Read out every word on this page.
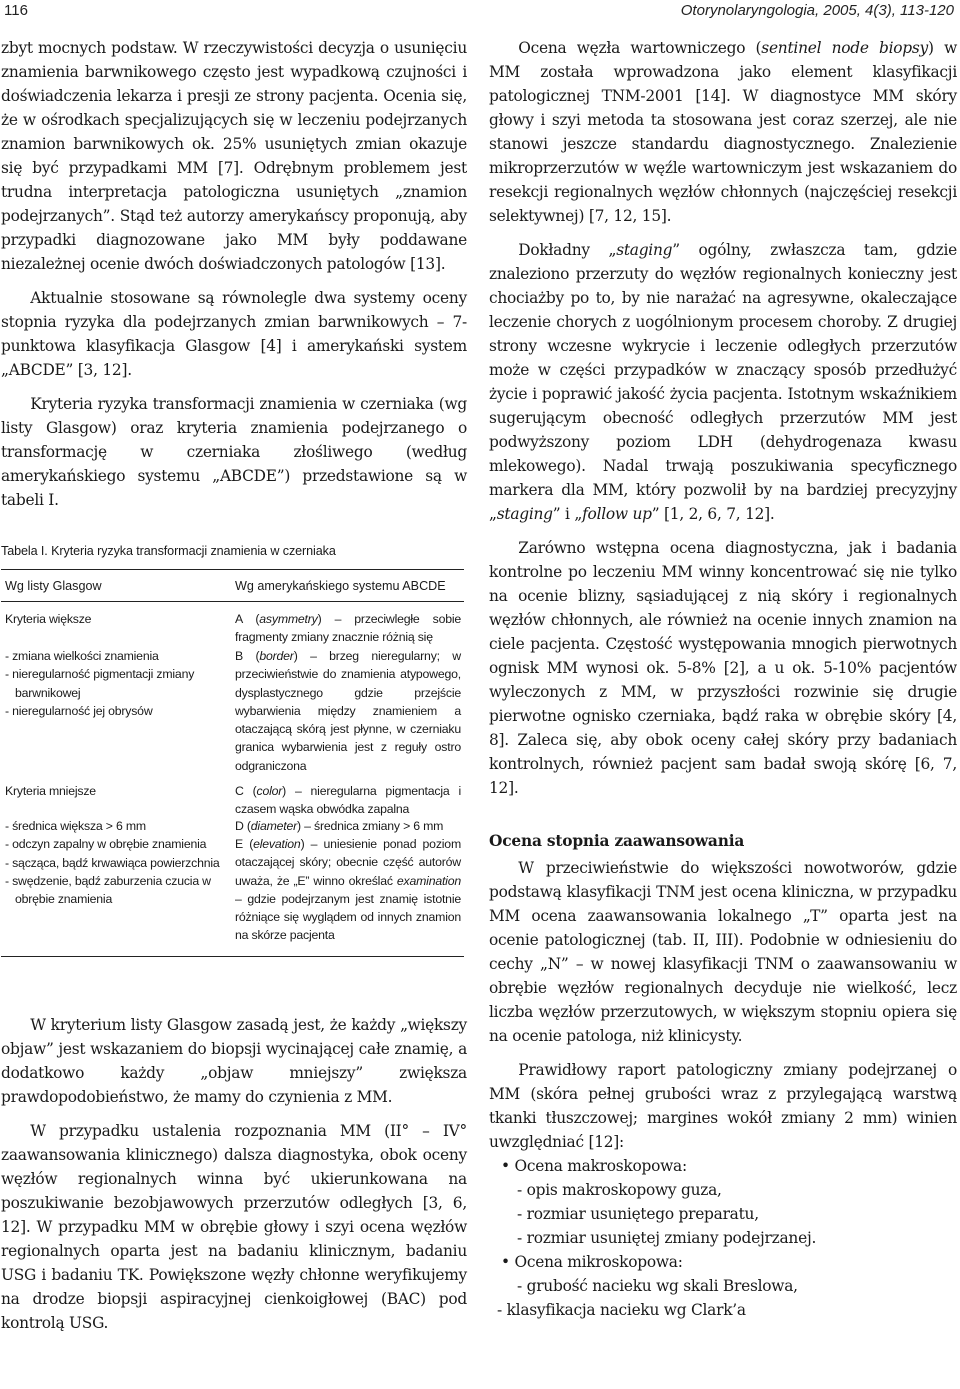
116	Otorynolaryngologia, 2005, 4(3), 113-120

zbyt mocnych podstaw. W rzeczywistości decyzja o usunięciu znamienia barwnikowego często jest wypadkową czujności i doświadczenia lekarza i presji ze strony pacjenta. Ocenia się, że w ośrodkach specjalizujących się w leczeniu podejrzanych znamion barwnikowych ok. 25% usuniętych zmian okazuje się być przypadkami MM [7]. Odrębnym problemem jest trudna interpretacja patologiczna usuniętych „znamion podejrzanych”. Stąd też autorzy amerykańscy proponują, aby przypadki diagnozowane jako MM były poddawane niezależnej ocenie dwóch doświadczonych patologów [13].

Aktualnie stosowane są równolegle dwa systemy oceny stopnia ryzyka dla podejrzanych zmian barwnikowych – 7-punktowa klasyfikacja Glasgow [4] i amerykański system „ABCDE” [3, 12].

Kryteria ryzyka transformacji znamienia w czerniaka (wg listy Glasgow) oraz kryteria znamienia podejrzanego o transformację w czerniaka złośliwego (według amerykańskiego systemu „ABCDE”) przedstawione są w tabeli I.

Tabela I. Kryteria ryzyka transformacji znamienia w czerniaka
Wg listy Glasgow	Wg amerykańskiego systemu ABCDE
Kryteria większe
- zmiana wielkości znamienia
- nieregularność pigmentacji zmiany barwnikowej
- nieregularność jej obrysów
Kryteria mniejsze
- średnica większa > 6 mm
- odczyn zapalny w obrębie znamienia
- sącząca, bądź krwawiąca powierzchnia
- swędzenie, bądź zaburzenia czucia w obrębie znamienia
A (asymmetry) – przeciwległe sobie fragmenty zmiany znacznie różnią się
B (border) – brzeg nieregularny; w przeciwieństwie do znamienia atypowego, dysplastycznego gdzie przejście wybarwienia między znamieniem a otaczającą skórą jest płynne, w czerniaku granica wybarwienia jest z reguły ostro odgraniczona
C (color) – nieregularna pigmentacja i czasem wąska obwódka zapalna
D (diameter) – średnica zmiany > 6 mm
E (elevation) – uniesienie ponad poziom otaczającej skóry; obecnie część autorów uważa, że „E” winno określać examination – gdzie podejrzanym jest znamię istotnie różniące się wyglądem od innych znamion na skórze pacjenta

W kryterium listy Glasgow zasadą jest, że każdy „większy objaw” jest wskazaniem do biopsji wycinającej całe znamię, a dodatkowo każdy „objaw mniejszy” zwiększa prawdopodobieństwo, że mamy do czynienia z MM.

W przypadku ustalenia rozpoznania MM (II° – IV° zaawansowania klinicznego) dalsza diagnostyka, obok oceny węzłów regionalnych winna być ukierunkowana na poszukiwanie bezobjawowych przerzutów odległych [3, 6, 12]. W przypadku MM w obrębie głowy i szyi ocena węzłów regionalnych oparta jest na badaniu klinicznym, badaniu USG i badaniu TK. Powiększone węzły chłonne weryfikujemy na drodze biopsji aspiracyjnej cienkoigłowej (BAC) pod kontrolą USG.

Ocena węzła wartowniczego (sentinel node biopsy) w MM została wprowadzona jako element klasyfikacji patologicznej TNM-2001 [14]. W diagnostyce MM skóry głowy i szyi metoda ta stosowana jest coraz szerzej, ale nie stanowi jeszcze standardu diagnostycznego. Znalezienie mikroprzerzutów w węźle wartowniczym jest wskazaniem do resekcji regionalnych węzłów chłonnych (najczęściej resekcji selektywnej) [7, 12, 15].

Dokładny „staging” ogólny, zwłaszcza tam, gdzie znaleziono przerzuty do węzłów regionalnych konieczny jest chociażby po to, by nie narażać na agresywne, okaleczające leczenie chorych z uogólnionym procesem choroby. Z drugiej strony wczesne wykrycie i leczenie odległych przerzutów może w części przypadków w znaczący sposób przedłużyć życie i poprawić jakość życia pacjenta. Istotnym wskaźnikiem sugerującym obecność odległych przerzutów MM jest podwyższony poziom LDH (dehydrogenaza kwasu mlekowego). Nadal trwają poszukiwania specyficznego markera dla MM, który pozwolił by na bardziej precyzyjny „staging” i „follow up” [1, 2, 6, 7, 12].

Zarówno wstępna ocena diagnostyczna, jak i badania kontrolne po leczeniu MM winny koncentrować się nie tylko na ocenie blizny, sąsiadującej z nią skóry i regionalnych węzłów chłonnych, ale również na ocenie innych znamion na ciele pacjenta. Częstość występowania mnogich pierwotnych ognisk MM wynosi ok. 5-8% [2], a u ok. 5-10% pacjentów wyleczonych z MM, w przyszłości rozwinie się drugie pierwotne ognisko czerniaka, bądź raka w obrębie skóry [4, 8]. Zaleca się, aby obok oceny całej skóry przy badaniach kontrolnych, również pacjent sam badał swoją skórę [6, 7, 12].

Ocena stopnia zaawansowania

W przeciwieństwie do większości nowotworów, gdzie podstawą klasyfikacji TNM jest ocena kliniczna, w przypadku MM ocena zaawansowania lokalnego „T” oparta jest na ocenie patologicznej (tab. II, III). Podobnie w odniesieniu do cechy „N” – w nowej klasyfikacji TNM o zaawansowaniu w obrębie węzłów regionalnych decyduje nie wielkość, lecz liczba węzłów przerzutowych, w większym stopniu opiera się na ocenie patologa, niż klinicysty.

Prawidłowy raport patologiczny zmiany podejrzanej o MM (skóra pełnej grubości wraz z przylegającą warstwą tkanki tłuszczowej; margines wokół zmiany 2 mm) winien uwzględniać [12]:

• Ocena makroskopowa:
- opis makroskopowy guza,
- rozmiar usuniętego preparatu,
- rozmiar usuniętej zmiany podejrzanej.
• Ocena mikroskopowa:
- grubość nacieku wg skali Breslowa,
- klasyfikacja nacieku wg Clark’a
